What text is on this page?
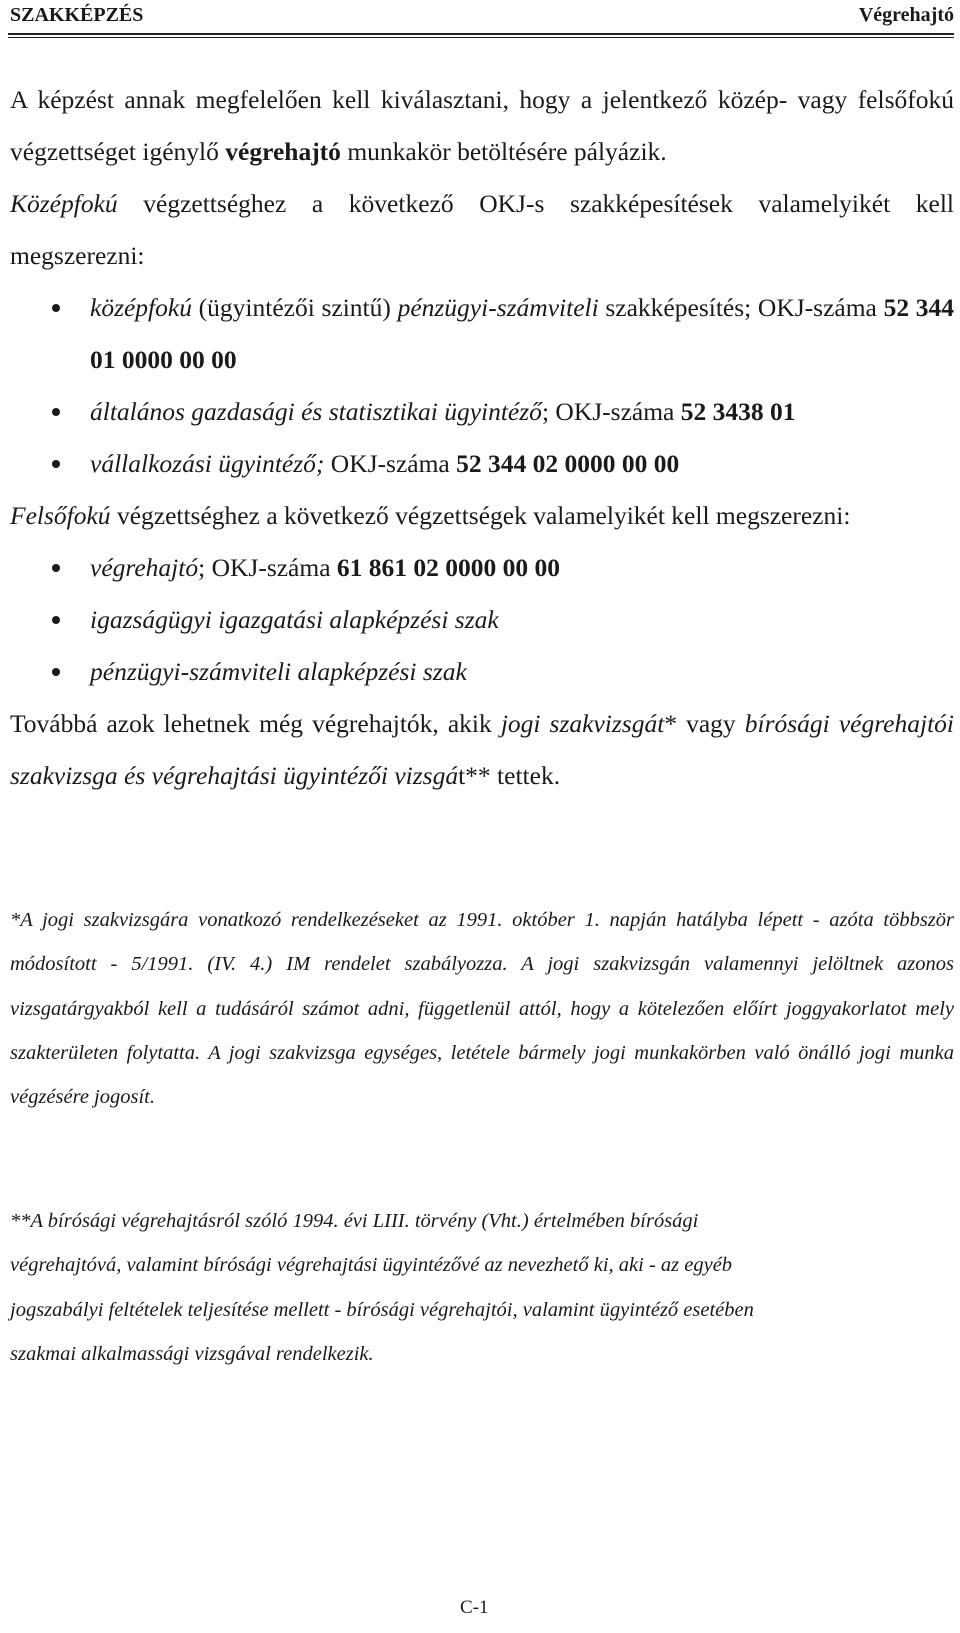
SZAKKÉPZÉS	Végrehajtó

A képzést annak megfelelően kell kiválasztani, hogy a jelentkező közép- vagy felsőfokú végzettséget igénylő végrehajtó munkakör betöltésére pályázik.
Középfokú végzettséghez a következő OKJ-s szakképesítések valamelyikét kell megszerezni:

középfokú (ügyintézői szintű) pénzügyi-számviteli szakképesítés; OKJ-száma 52 344 01 0000 00 00
általános gazdasági és statisztikai ügyintéző; OKJ-száma 52 3438 01
vállalkozási ügyintéző; OKJ-száma 52 344 02 0000 00 00

Felsőfokú végzettséghez a következő végzettségek valamelyikét kell megszerezni:

végrehajtó; OKJ-száma 61 861 02 0000 00 00
igazságügyi igazgatási alapképzési szak
pénzügyi-számviteli alapképzési szak

Továbbá azok lehetnek még végrehajtók, akik jogi szakvizsgát* vagy bírósági végrehajtói szakvizsga és végrehajtási ügyintézői vizsgát** tettek.

*A jogi szakvizsgára vonatkozó rendelkezéseket az 1991. október 1. napján hatályba lépett - azóta többször módosított - 5/1991. (IV. 4.) IM rendelet szabályozza. A jogi szakvizsgán valamennyi jelöltnek azonos vizsgatárgyakból kell a tudásáról számot adni, függetlenül attól, hogy a kötelezően előírt joggyakorlatot mely szakterületen folytatta. A jogi szakvizsga egységes, letétele bármely jogi munkakörben való önálló jogi munka végzésére jogosít.

**A bírósági végrehajtásról szóló 1994. évi LIII. törvény (Vht.) értelmében bírósági

végrehajtóvá, valamint bírósági végrehajtási ügyintézővé az nevezhető ki, aki - az egyéb

jogszabályi feltételek teljesítése mellett - bírósági végrehajtói, valamint ügyintéző esetében

szakmai alkalmassági vizsgával rendelkezik.

C-1
